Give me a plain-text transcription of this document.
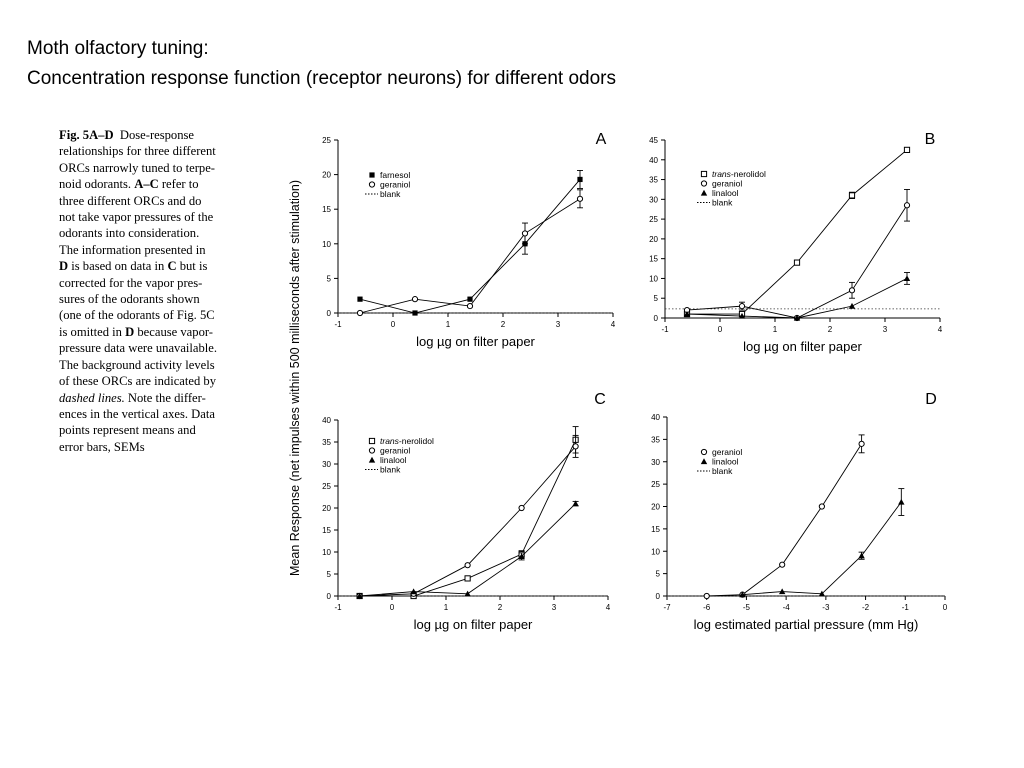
Moth olfactory tuning:
Concentration response function (receptor neurons) for different odors
Fig. 5A–D  Dose-response
relationships for three different
ORCs narrowly tuned to terpe-
noid odorants. A–C refer to
three different ORCs and do
not take vapor pressures of the
odorants into consideration.
The information presented in
D is based on data in C but is
corrected for the vapor pres-
sures of the odorants shown
(one of the odorants of Fig. 5C
is omitted in D because vapor-
pressure data were unavailable.
The background activity levels
of these ORCs are indicated by
dashed lines. Note the differ-
ences in the vertical axes. Data
points represent means and
error bars, SEMs	Mean Response (net impulses within 500 milliseconds after stimulation)	-1	0	1	2	3	4
0
5
10
15
20
25
log µg on filter paper
A
farnesol
geraniol
blank
-1	0	1	2	3	4
0
5
10
15
20
25
30
35
40
45
log µg on filter paper
B
trans-nerolidol
geraniol
linalool
blank
-1	0	1	2	3	4
0
5
10
15
20
25
30
35
40
log µg on filter paper
C
trans-nerolidol
geraniol
linalool
blank
-7	-6	-5	-4	-3	-2	-1	0
0
5
10
15
20
25
30
35
40
log estimated partial pressure (mm Hg)
D
geraniol
linalool
blank
